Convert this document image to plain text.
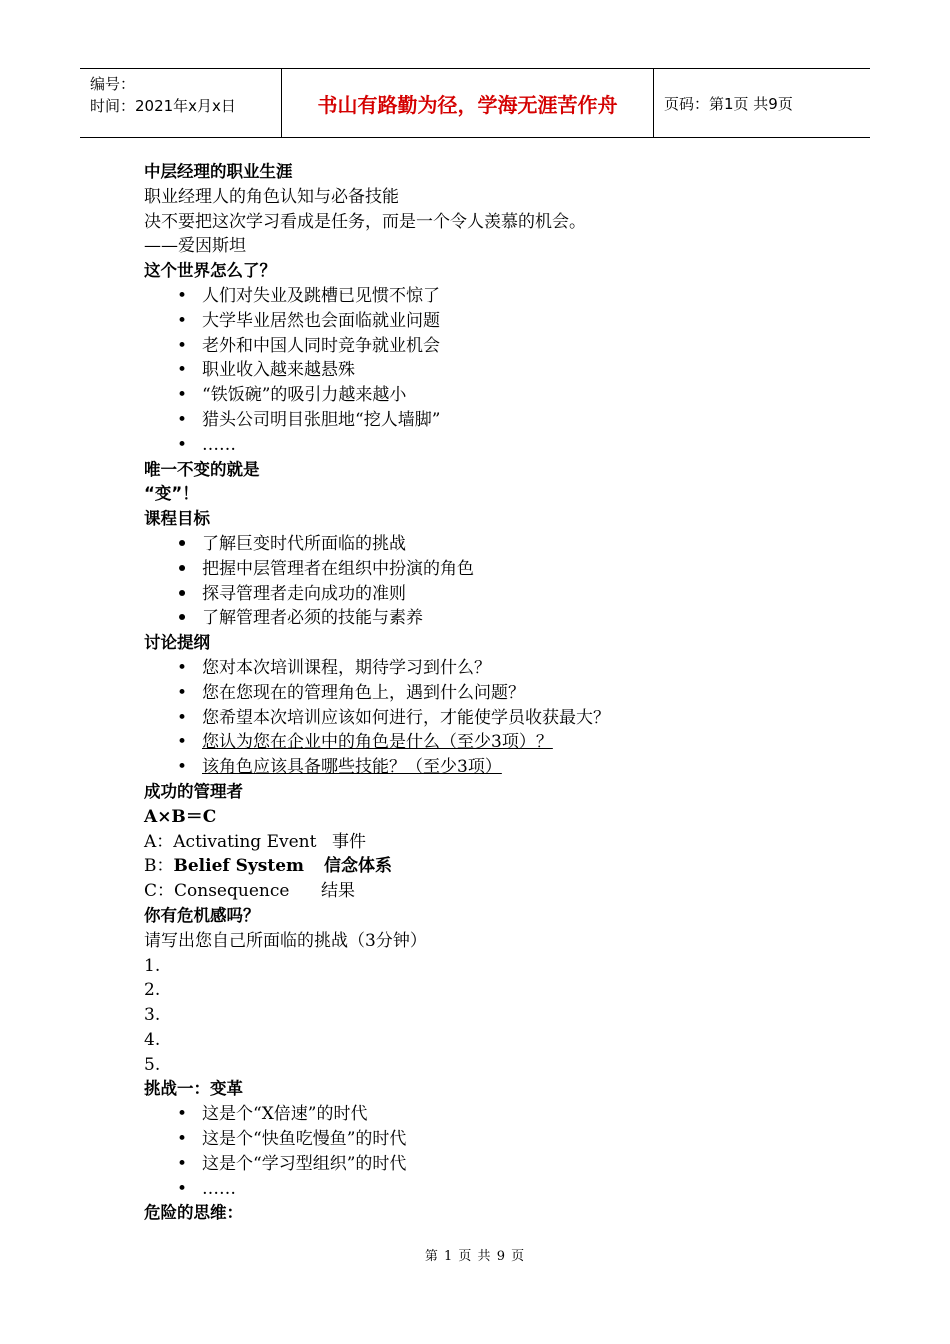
编号：
时间：2021年x月x日	书山有路勤为径，学海无涯苦作舟	页码：第1页 共9页
中层经理的职业生涯
职业经理人的角色认知与必备技能
决不要把这次学习看成是任务，而是一个令人羡慕的机会。
——爱因斯坦
这个世界怎么了？
• 人们对失业及跳槽已见惯不惊了
• 大学毕业居然也会面临就业问题
• 老外和中国人同时竞争就业机会
• 职业收入越来越悬殊
• “铁饭碗”的吸引力越来越小
• 猎头公司明目张胆地“挖人墙脚”
• ……
唯一不变的就是
“变”！
课程目标
• 了解巨变时代所面临的挑战
• 把握中层管理者在组织中扮演的角色
• 探寻管理者走向成功的准则
• 了解管理者必须的技能与素养
讨论提纲
• 您对本次培训课程，期待学习到什么？
• 您在您现在的管理角色上，遇到什么问题？
• 您希望本次培训应该如何进行，才能使学员收获最大？
• 您认为您在企业中的角色是什么（至少3项）？
• 该角色应该具备哪些技能？（至少3项）
成功的管理者
A×B＝C
A：Activating Event 事件
B：Belief System 信念体系
C：Consequence 结果
你有危机感吗？
请写出您自己所面临的挑战（3分钟）
1.
2.
3.
4.
5.
挑战一：变革
• 这是个“X倍速”的时代
• 这是个“快鱼吃慢鱼”的时代
• 这是个“学习型组织”的时代
• ……
危险的思维：
第 1 页 共 9 页
